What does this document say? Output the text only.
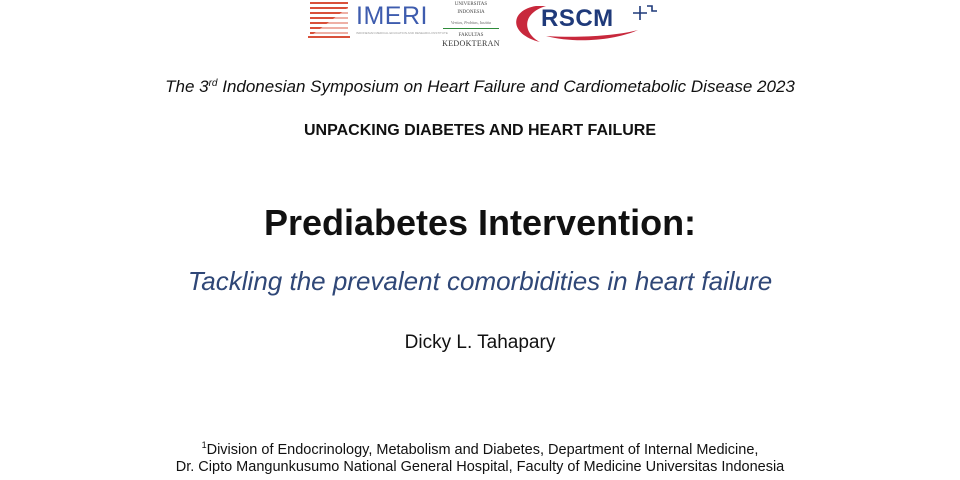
IMERI
INDONESIAN MEDICAL EDUCATION AND RESEARCH INSTITUTE
UNIVERSITAS
INDONESIA
Veritas, Probitas, Iustitia
FAKULTAS
KEDOKTERAN
RSCM
The 3rd Indonesian Symposium on Heart Failure and Cardiometabolic Disease 2023
UNPACKING DIABETES AND HEART FAILURE
Prediabetes Intervention:
Tackling the prevalent comorbidities in heart failure
Dicky L. Tahapary
$^1$Division of Endocrinology, Metabolism and Diabetes, Department of Internal Medicine,
Dr. Cipto Mangunkusumo National General Hospital, Faculty of Medicine Universitas Indonesia
